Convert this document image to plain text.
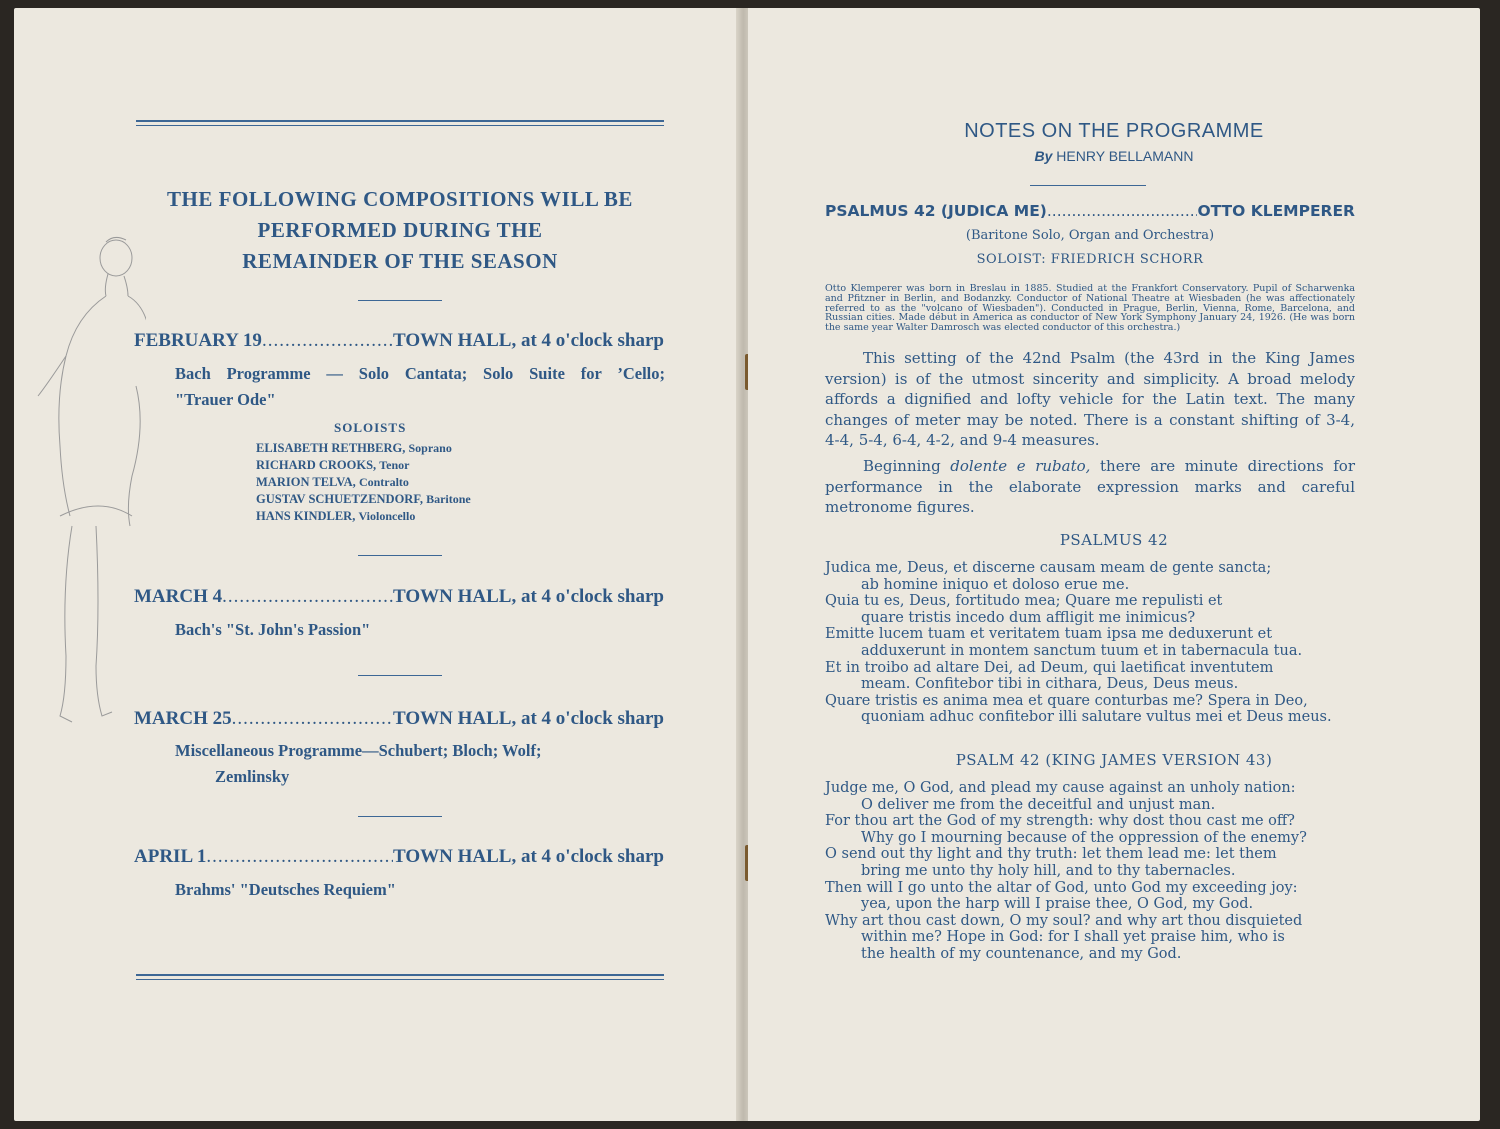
THE FOLLOWING COMPOSITIONS WILL BE
PERFORMED DURING THE
REMAINDER OF THE SEASON
FEBRUARY 19 .....	TOWN HALL, at 4 o'clock sharp
Bach Programme — Solo Cantata; Solo Suite for ’Cello;
"Trauer Ode"
SOLOISTS
ELISABETH RETHBERG, Soprano
RICHARD CROOKS, Tenor
MARION TELVA, Contralto
GUSTAV SCHUETZENDORF, Baritone
HANS KINDLER, Violoncello
MARCH 4 .....	TOWN HALL, at 4 o'clock sharp
Bach's "St. John's Passion"
MARCH 25 .....	TOWN HALL, at 4 o'clock sharp
Miscellaneous Programme—Schubert; Bloch; Wolf;
Zemlinsky
APRIL 1 .....	TOWN HALL, at 4 o'clock sharp
Brahms' "Deutsches Requiem"
NOTES ON THE PROGRAMME
By HENRY BELLAMANN
PSALMUS 42 (JUDICA ME) .....	OTTO KLEMPERER
(Baritone Solo, Organ and Orchestra)
SOLOIST: FRIEDRICH SCHORR
Otto Klemperer was born in Breslau in 1885. Studied at the Frankfort Conservatory. Pupil of Scharwenka and Pfitzner in Berlin, and Bodanzky. Conductor of National Theatre at Wiesbaden (he was affectionately referred to as the "volcano of Wiesbaden"). Conducted in Prague, Berlin, Vienna, Rome, Barcelona, and Russian cities. Made début in America as conductor of New York Symphony January 24, 1926. (He was born the same year Walter Damrosch was elected conductor of this orchestra.)
This setting of the 42nd Psalm (the 43rd in the King James version) is of the utmost sincerity and simplicity. A broad melody affords a dignified and lofty vehicle for the Latin text. The many changes of meter may be noted. There is a constant shifting of 3-4, 4-4, 5-4, 6-4, 4-2, and 9-4 measures.
Beginning dolente e rubato, there are minute directions for performance in the elaborate expression marks and careful metronome figures.
PSALMUS 42
Judica me, Deus, et discerne causam meam de gente sancta;
ab homine iniquo et doloso erue me.
Quia tu es, Deus, fortitudo mea; Quare me repulisti et
quare tristis incedo dum affligit me inimicus?
Emitte lucem tuam et veritatem tuam ipsa me deduxerunt et
adduxerunt in montem sanctum tuum et in tabernacula tua.
Et in troibo ad altare Dei, ad Deum, qui laetificat inventutem
meam. Confitebor tibi in cithara, Deus, Deus meus.
Quare tristis es anima mea et quare conturbas me? Spera in Deo,
quoniam adhuc confitebor illi salutare vultus mei et Deus meus.
PSALM 42 (KING JAMES VERSION 43)
Judge me, O God, and plead my cause against an unholy nation:
O deliver me from the deceitful and unjust man.
For thou art the God of my strength: why dost thou cast me off?
Why go I mourning because of the oppression of the enemy?
O send out thy light and thy truth: let them lead me: let them
bring me unto thy holy hill, and to thy tabernacles.
Then will I go unto the altar of God, unto God my exceeding joy:
yea, upon the harp will I praise thee, O God, my God.
Why art thou cast down, O my soul? and why art thou disquieted
within me? Hope in God: for I shall yet praise him, who is
the health of my countenance, and my God.
